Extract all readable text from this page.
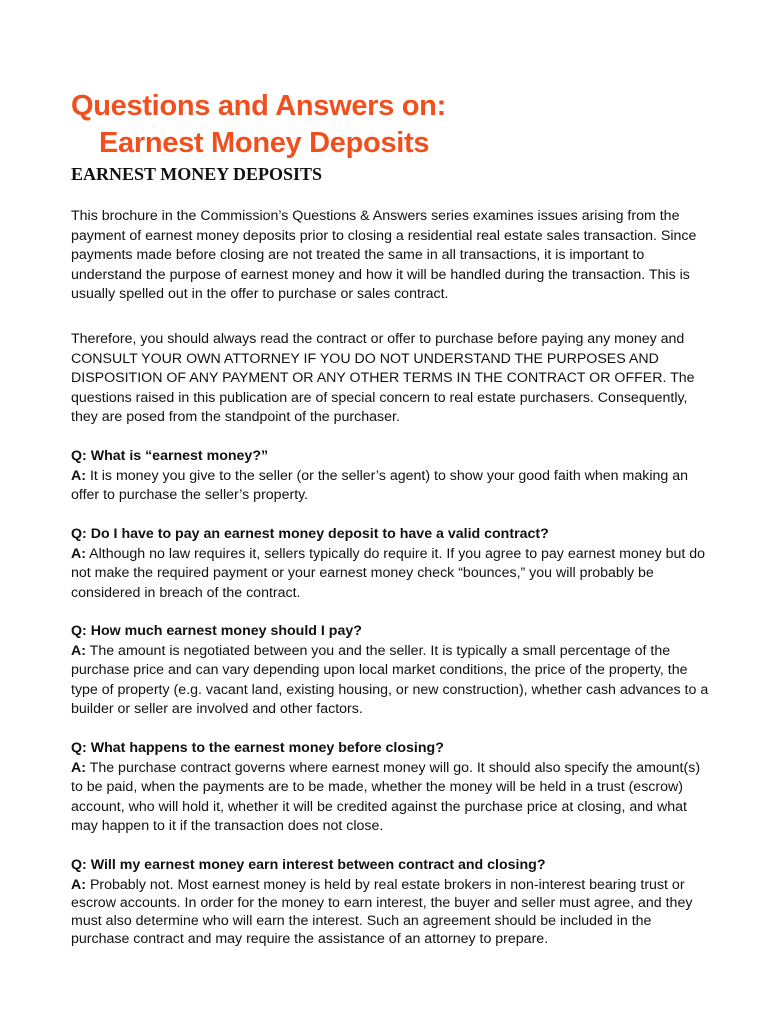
Questions and Answers on:
Earnest Money Deposits
EARNEST MONEY DEPOSITS

This brochure in the Commission’s Questions & Answers series examines issues arising from the payment of earnest money deposits prior to closing a residential real estate sales transaction. Since payments made before closing are not treated the same in all transactions, it is important to understand the purpose of earnest money and how it will be handled during the transaction. This is usually spelled out in the offer to purchase or sales contract.

Therefore, you should always read the contract or offer to purchase before paying any money and CONSULT YOUR OWN ATTORNEY IF YOU DO NOT UNDERSTAND THE PURPOSES AND DISPOSITION OF ANY PAYMENT OR ANY OTHER TERMS IN THE CONTRACT OR OFFER. The questions raised in this publication are of special concern to real estate purchasers. Consequently, they are posed from the standpoint of the purchaser.

Q: What is “earnest money?”

A: It is money you give to the seller (or the seller’s agent) to show your good faith when making an offer to purchase the seller’s property.

Q: Do I have to pay an earnest money deposit to have a valid contract?

A: Although no law requires it, sellers typically do require it. If you agree to pay earnest money but do not make the required payment or your earnest money check “bounces,” you will probably be considered in breach of the contract.

Q: How much earnest money should I pay?

A: The amount is negotiated between you and the seller. It is typically a small percentage of the purchase price and can vary depending upon local market conditions, the price of the property, the type of property (e.g. vacant land, existing housing, or new construction), whether cash advances to a builder or seller are involved and other factors.

Q: What happens to the earnest money before closing?

A: The purchase contract governs where earnest money will go. It should also specify the amount(s) to be paid, when the payments are to be made, whether the money will be held in a trust (escrow) account, who will hold it, whether it will be credited against the purchase price at closing, and what may happen to it if the transaction does not close.

Q: Will my earnest money earn interest between contract and closing?

A: Probably not. Most earnest money is held by real estate brokers in non-interest bearing trust or escrow accounts. In order for the money to earn interest, the buyer and seller must agree, and they must also determine who will earn the interest. Such an agreement should be included in the purchase contract and may require the assistance of an attorney to prepare.
